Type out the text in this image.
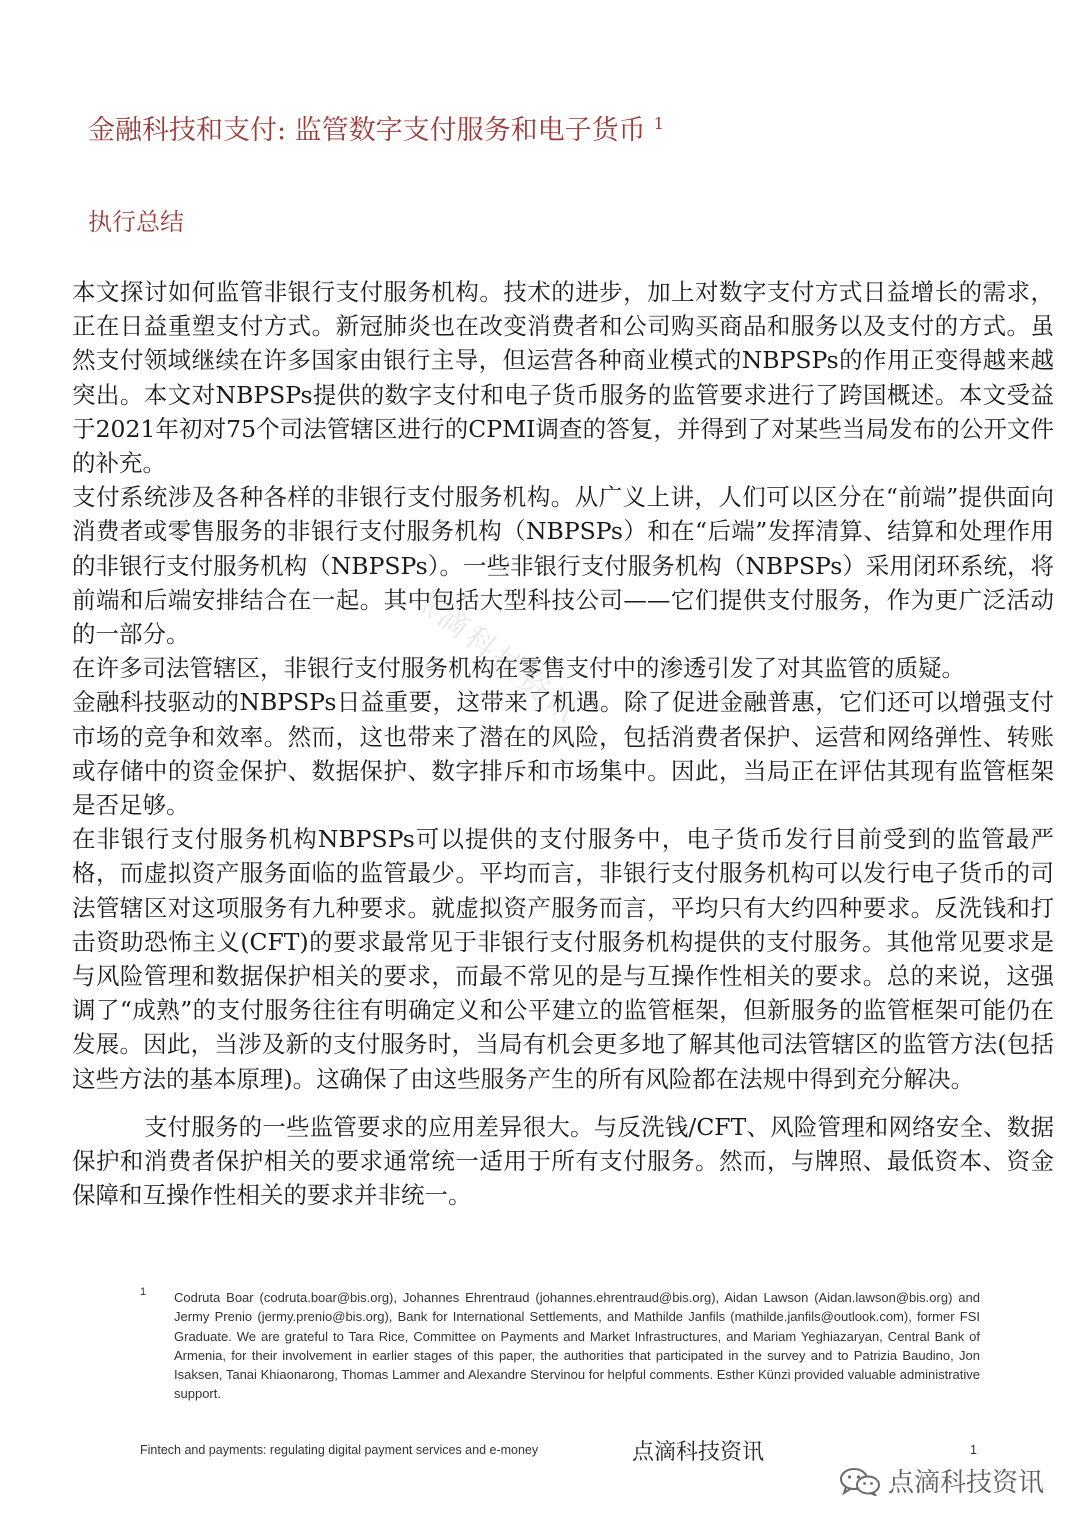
金融科技和支付: 监管数字支付服务和电子货币 $^1$
执行总结

本文探讨如何监管非银行支付服务机构。技术的进步，加上对数字支付方式日益增长的需求，正在日益重塑支付方式。新冠肺炎也在改变消费者和公司购买商品和服务以及支付的方式。虽然支付领域继续在许多国家由银行主导，但运营各种商业模式的NBPSPs的作用正变得越来越突出。本文对NBPSPs提供的数字支付和电子货币服务的监管要求进行了跨国概述。本文受益于2021年初对75个司法管辖区进行的CPMI调查的答复，并得到了对某些当局发布的公开文件的补充。

支付系统涉及各种各样的非银行支付服务机构。从广义上讲，人们可以区分在“前端”提供面向消费者或零售服务的非银行支付服务机构（NBPSPs）和在“后端”发挥清算、结算和处理作用的非银行支付服务机构（NBPSPs）。一些非银行支付服务机构（NBPSPs）采用闭环系统，将前端和后端安排结合在一起。其中包括大型科技公司——它们提供支付服务，作为更广泛活动的一部分。

在许多司法管辖区，非银行支付服务机构在零售支付中的渗透引发了对其监管的质疑。

金融科技驱动的NBPSPs日益重要，这带来了机遇。除了促进金融普惠，它们还可以增强支付市场的竞争和效率。然而，这也带来了潜在的风险，包括消费者保护、运营和网络弹性、转账或存储中的资金保护、数据保护、数字排斥和市场集中。因此，当局正在评估其现有监管框架是否足够。

在非银行支付服务机构NBPSPs可以提供的支付服务中，电子货币发行目前受到的监管最严格，而虚拟资产服务面临的监管最少。平均而言，非银行支付服务机构可以发行电子货币的司法管辖区对这项服务有九种要求。就虚拟资产服务而言，平均只有大约四种要求。反洗钱和打击资助恐怖主义(CFT)的要求最常见于非银行支付服务机构提供的支付服务。其他常见要求是与风险管理和数据保护相关的要求，而最不常见的是与互操作性相关的要求。总的来说，这强调了“成熟”的支付服务往往有明确定义和公平建立的监管框架，但新服务的监管框架可能仍在发展。因此，当涉及新的支付服务时，当局有机会更多地了解其他司法管辖区的监管方法(包括这些方法的基本原理)。这确保了由这些服务产生的所有风险都在法规中得到充分解决。

支付服务的一些监管要求的应用差异很大。与反洗钱/CFT、风险管理和网络安全、数据保护和消费者保护相关的要求通常统一适用于所有支付服务。然而，与牌照、最低资本、资金保障和互操作性相关的要求并非统一。

点滴科技资讯
1 Codruta Boar (codruta.boar@bis.org), Johannes Ehrentraud (johannes.ehrentraud@bis.org), Aidan Lawson (Aidan.lawson@bis.org) and Jermy Prenio (jermy.prenio@bis.org), Bank for International Settlements, and Mathilde Janfils (mathilde.janfils@outlook.com), former FSI Graduate. We are grateful to Tara Rice, Committee on Payments and Market Infrastructures, and Mariam Yeghiazaryan, Central Bank of Armenia, for their involvement in earlier stages of this paper, the authorities that participated in the survey and to Patrizia Baudino, Jon Isaksen, Tanai Khiaonarong, Thomas Lammer and Alexandre Stervinou for helpful comments. Esther Künzi provided valuable administrative support.
Fintech and payments: regulating digital payment services and e-money	点滴科技资讯	1
点滴科技资讯
